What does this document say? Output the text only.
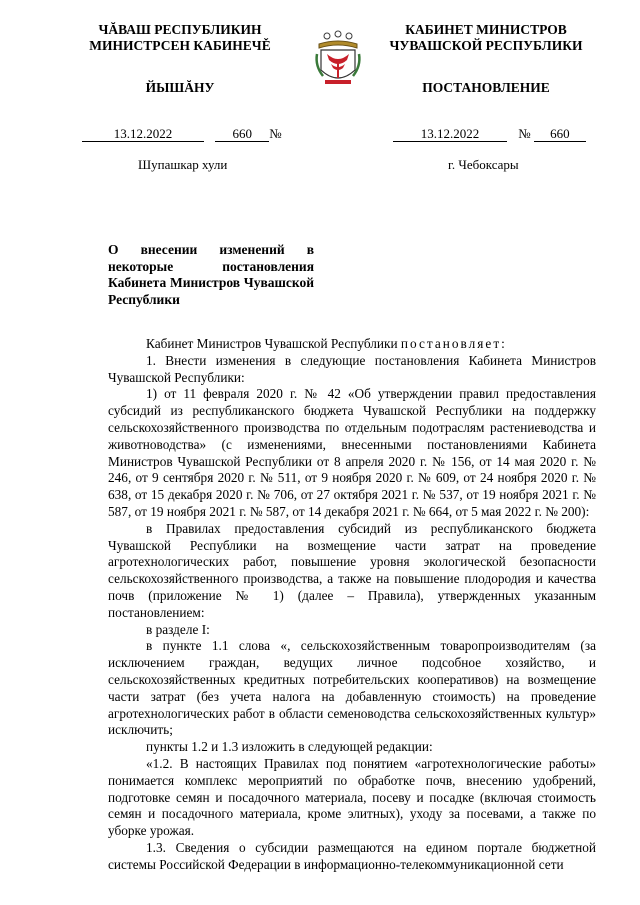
ЧĂВАШ РЕСПУБЛИКИН
МИНИСТРСЕН КАБИНЕЧĚ
ЙЫШĂНУ
КАБИНЕТ МИНИСТРОВ
ЧУВАШСКОЙ РЕСПУБЛИКИ
ПОСТАНОВЛЕНИЕ
13.12.2022	660 №	13.12.2022	№ 660
Шупашкар хули	г. Чебоксары
О внесении изменений в некоторые постановления Кабинета Министров Чувашской Республики

Кабинет Министров Чувашской Республики постановляет:

1. Внести изменения в следующие постановления Кабинета Министров Чувашской Республики:

1) от 11 февраля 2020 г. № 42 «Об утверждении правил предоставления субсидий из республиканского бюджета Чувашской Республики на поддержку сельскохозяйственного производства по отдельным подотраслям растениеводства и животноводства» (с изменениями, внесенными постановлениями Кабинета Министров Чувашской Республики от 8 апреля 2020 г. № 156, от 14 мая 2020 г. № 246, от 9 сентября 2020 г. № 511, от 9 ноября 2020 г. № 609, от 24 ноября 2020 г. № 638, от 15 декабря 2020 г. № 706, от 27 октября 2021 г. № 537, от 19 ноября 2021 г. № 587, от 19 ноября 2021 г. № 587, от 14 декабря 2021 г. № 664, от 5 мая 2022 г. № 200):

в Правилах предоставления субсидий из республиканского бюджета Чувашской Республики на возмещение части затрат на проведение агротехнологических работ, повышение уровня экологической безопасности сельскохозяйственного производства, а также на повышение плодородия и качества почв (приложение № 1) (далее – Правила), утвержденных указанным постановлением:

в разделе I:

в пункте 1.1 слова «, сельскохозяйственным товаропроизводителям (за исключением граждан, ведущих личное подсобное хозяйство, и сельскохозяйственных кредитных потребительских кооперативов) на возмещение части затрат (без учета налога на добавленную стоимость) на проведение агротехнологических работ в области семеноводства сельскохозяйственных культур» исключить;

пункты 1.2 и 1.3 изложить в следующей редакции:

«1.2. В настоящих Правилах под понятием «агротехнологические работы» понимается комплекс мероприятий по обработке почв, внесению удобрений, подготовке семян и посадочного материала, посеву и посадке (включая стоимость семян и посадочного материала, кроме элитных), уходу за посевами, а также по уборке урожая.

1.3. Сведения о субсидии размещаются на едином портале бюджетной системы Российской Федерации в информационно-телекоммуникационной сети
